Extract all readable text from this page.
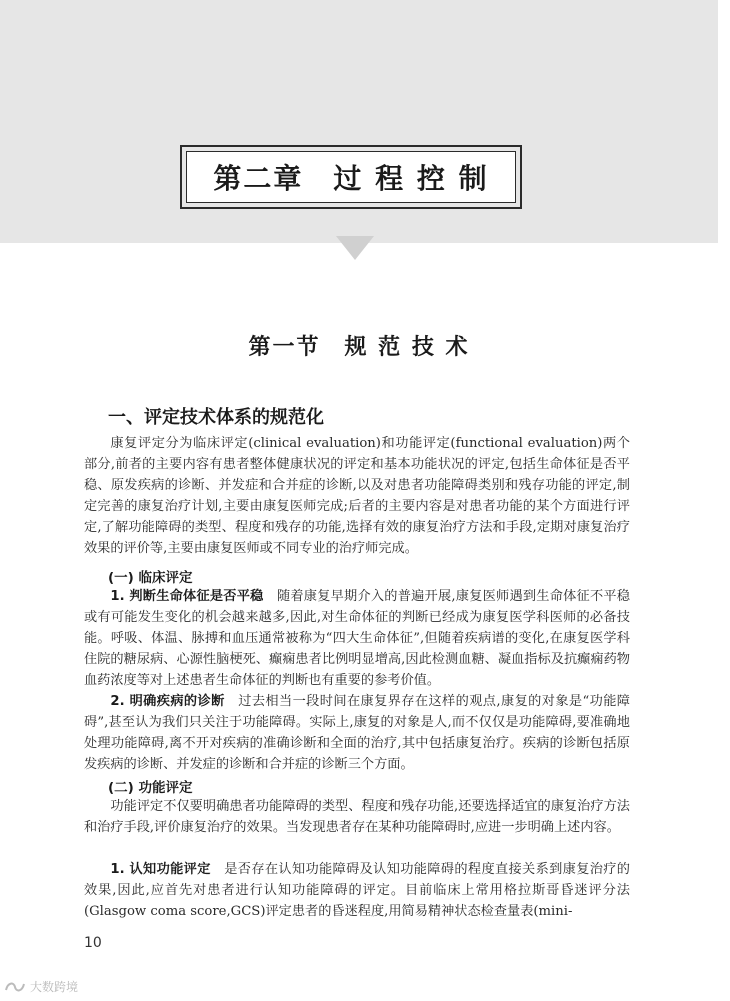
第二章　过 程 控 制
第一节　规 范 技 术
一、评定技术体系的规范化

康复评定分为临床评定(clinical evaluation)和功能评定(functional evaluation)两个部分,前者的主要内容有患者整体健康状况的评定和基本功能状况的评定,包括生命体征是否平稳、原发疾病的诊断、并发症和合并症的诊断,以及对患者功能障碍类别和残存功能的评定,制定完善的康复治疗计划,主要由康复医师完成;后者的主要内容是对患者功能的某个方面进行评定,了解功能障碍的类型、程度和残存的功能,选择有效的康复治疗方法和手段,定期对康复治疗效果的评价等,主要由康复医师或不同专业的治疗师完成。

(一) 临床评定

1. 判断生命体征是否平稳　随着康复早期介入的普遍开展,康复医师遇到生命体征不平稳或有可能发生变化的机会越来越多,因此,对生命体征的判断已经成为康复医学科医师的必备技能。呼吸、体温、脉搏和血压通常被称为“四大生命体征”,但随着疾病谱的变化,在康复医学科住院的糖尿病、心源性脑梗死、癫痫患者比例明显增高,因此检测血糖、凝血指标及抗癫痫药物血药浓度等对上述患者生命体征的判断也有重要的参考价值。

2. 明确疾病的诊断　过去相当一段时间在康复界存在这样的观点,康复的对象是“功能障碍”,甚至认为我们只关注于功能障碍。实际上,康复的对象是人,而不仅仅是功能障碍,要准确地处理功能障碍,离不开对疾病的准确诊断和全面的治疗,其中包括康复治疗。疾病的诊断包括原发疾病的诊断、并发症的诊断和合并症的诊断三个方面。

(二) 功能评定

功能评定不仅要明确患者功能障碍的类型、程度和残存功能,还要选择适宜的康复治疗方法和治疗手段,评价康复治疗的效果。当发现患者存在某种功能障碍时,应进一步明确上述内容。

1. 认知功能评定　是否存在认知功能障碍及认知功能障碍的程度直接关系到康复治疗的效果,因此,应首先对患者进行认知功能障碍的评定。目前临床上常用格拉斯哥昏迷评分法(Glasgow coma score,GCS)评定患者的昏迷程度,用简易精神状态检查量表(mini-

10
大数跨境
